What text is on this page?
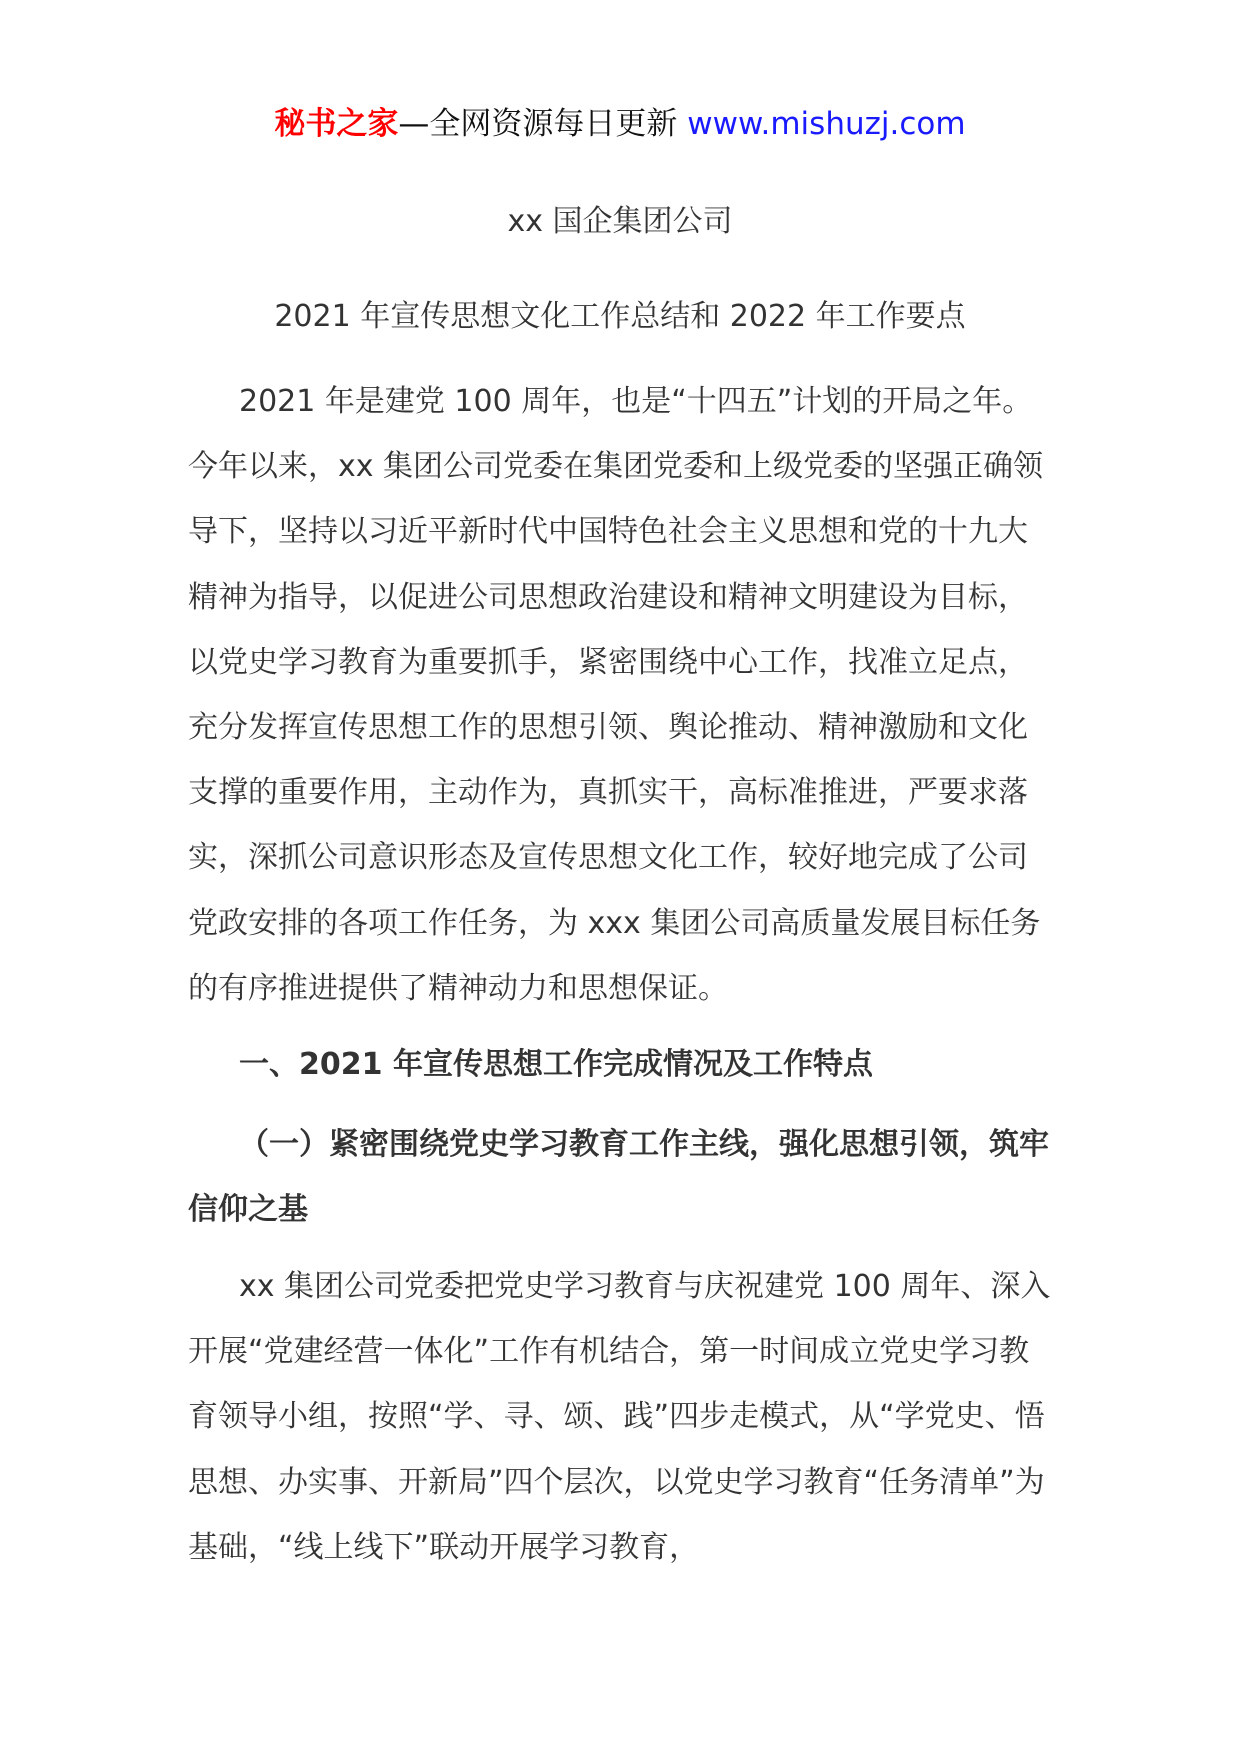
秘书之家—全网资源每日更新 www.mishuzj.com
xx 国企集团公司
2021 年宣传思想文化工作总结和 2022 年工作要点

2021 年是建党 100 周年，也是“十四五”计划的开局之年。今年以来，xx 集团公司党委在集团党委和上级党委的坚强正确领导下，坚持以习近平新时代中国特色社会主义思想和党的十九大精神为指导，以促进公司思想政治建设和精神文明建设为目标，以党史学习教育为重要抓手，紧密围绕中心工作，找准立足点，充分发挥宣传思想工作的思想引领、舆论推动、精神激励和文化支撑的重要作用，主动作为，真抓实干，高标准推进，严要求落实，深抓公司意识形态及宣传思想文化工作，较好地完成了公司党政安排的各项工作任务，为 xxx 集团公司高质量发展目标任务的有序推进提供了精神动力和思想保证。

一、2021 年宣传思想工作完成情况及工作特点

（一）紧密围绕党史学习教育工作主线，强化思想引领，筑牢信仰之基

xx 集团公司党委把党史学习教育与庆祝建党 100 周年、深入开展“党建经营一体化”工作有机结合，第一时间成立党史学习教育领导小组，按照“学、寻、颂、践”四步走模式，从“学党史、悟思想、办实事、开新局”四个层次，以党史学习教育“任务清单”为基础，“线上线下”联动开展学习教育，
